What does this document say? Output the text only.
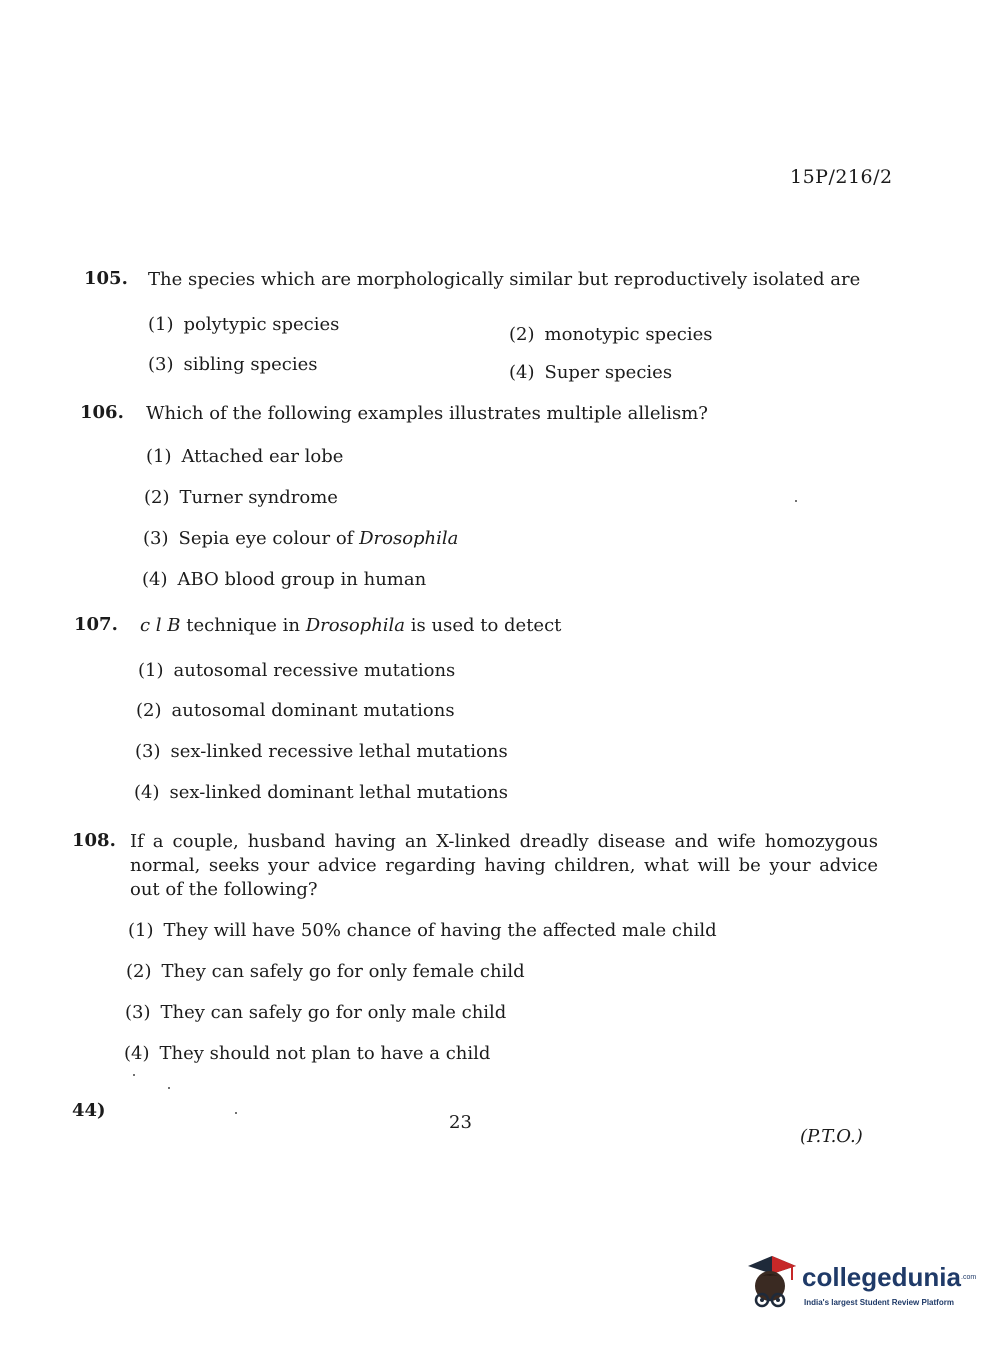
15P/216/2
105. The species which are morphologically similar but reproductively isolated are
(1) polytypic species	(2) monotypic species
(3) sibling species	(4) Super species
106. Which of the following examples illustrates multiple allelism?
(1) Attached ear lobe
(2) Turner syndrome
(3) Sepia eye colour of Drosophila
(4) ABO blood group in human
107. c l B technique in Drosophila is used to detect
(1) autosomal recessive mutations
(2) autosomal dominant mutations
(3) sex-linked recessive lethal mutations
(4) sex-linked dominant lethal mutations
108. If a couple, husband having an X-linked dreadly disease and wife homozygous normal, seeks your advice regarding having children, what will be your advice out of the following?
(1) They will have 50% chance of having the affected male child
(2) They can safely go for only female child
(3) They can safely go for only male child
(4) They should not plan to have a child
44)
23
(P.T.O.)
collegedunia .com
India's largest Student Review Platform
